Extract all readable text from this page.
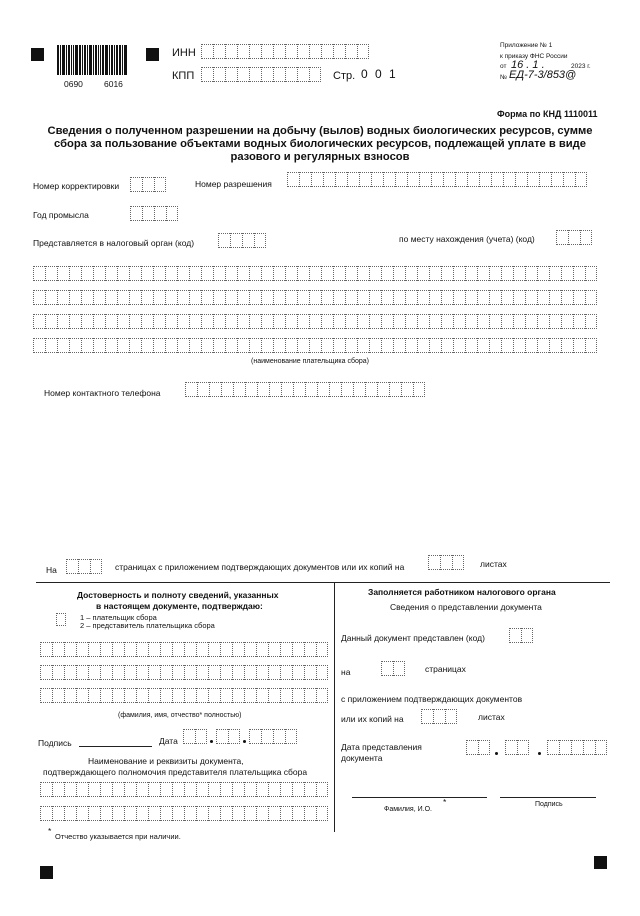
0690 6016
ИНН
КПП	Стр. 0 0 1
Приложение № 1
к приказу ФНС России
от 16 . 1 .	2023 г.
№ ЕД-7-3/853@
Форма по КНД 1110011
Сведения о полученном разрешении на добычу (вылов) водных биологических ресурсов, сумме сбора за пользование объектами водных биологических ресурсов, подлежащей уплате в виде разового и регулярных взносов
Номер корректировки	Номер разрешения
Год промысла
Представляется в налоговый орган (код)	по месту нахождения (учета) (код)
(наименование плательщика сбора)
Номер контактного телефона
На	страницах с приложением подтверждающих документов или их копий на	листах
Достоверность и полноту сведений, указанных
в настоящем документе, подтверждаю:
1 – плательщик сбора
2 – представитель плательщика сбора
(фамилия, имя, отчество* полностью)
Подпись	Дата
Наименование и реквизиты документа,
подтверждающего полномочия представителя плательщика сбора
*
Отчество указывается при наличии.
Заполняется работником налогового органа
Сведения о представлении документа
Данный документ представлен (код)
на	страницах
с приложением подтверждающих документов
или их копий на	листах
Дата представления
документа
*
Фамилия, И.О.
Подпись
